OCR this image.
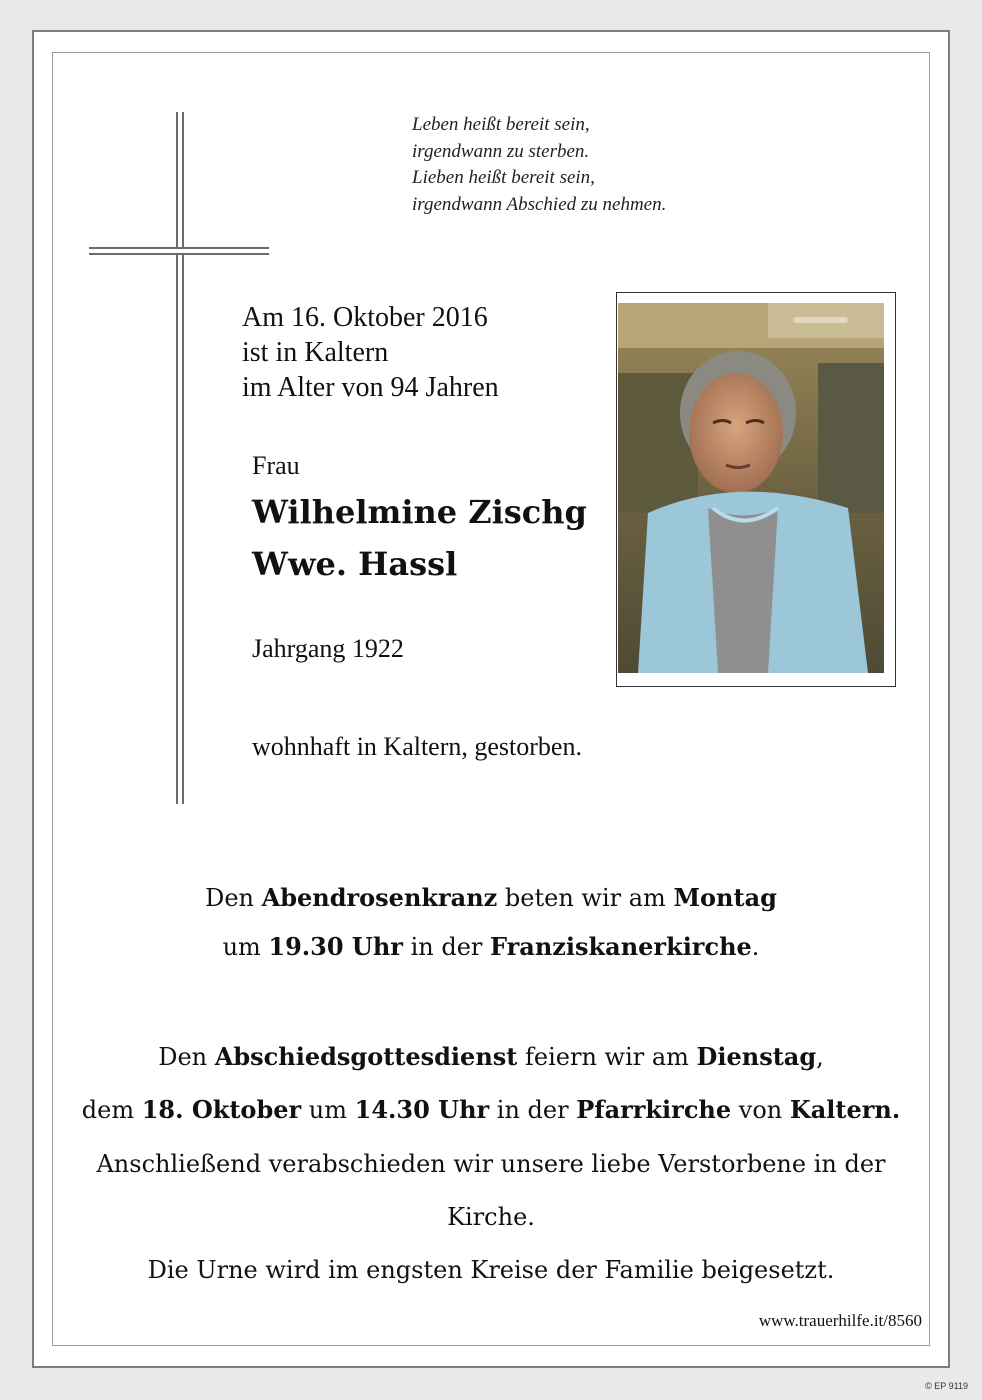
Leben heißt bereit sein,
irgendwann zu sterben.
Lieben heißt bereit sein,
irgendwann Abschied zu nehmen.
Am 16. Oktober 2016
ist in Kaltern
im Alter von 94 Jahren
Frau
Wilhelmine Zischg
Wwe. Hassl
Jahrgang 1922
wohnhaft in Kaltern, gestorben.
Den Abendrosenkranz beten wir am Montag
um 19.30 Uhr in der Franziskanerkirche.
Den Abschiedsgottesdienst feiern wir am Dienstag,
dem 18. Oktober um 14.30 Uhr in der Pfarrkirche von Kaltern.
Anschließend verabschieden wir unsere liebe Verstorbene in der
Kirche.
Die Urne wird im engsten Kreise der Familie beigesetzt.
www.trauerhilfe.it/8560
© EP 9119
